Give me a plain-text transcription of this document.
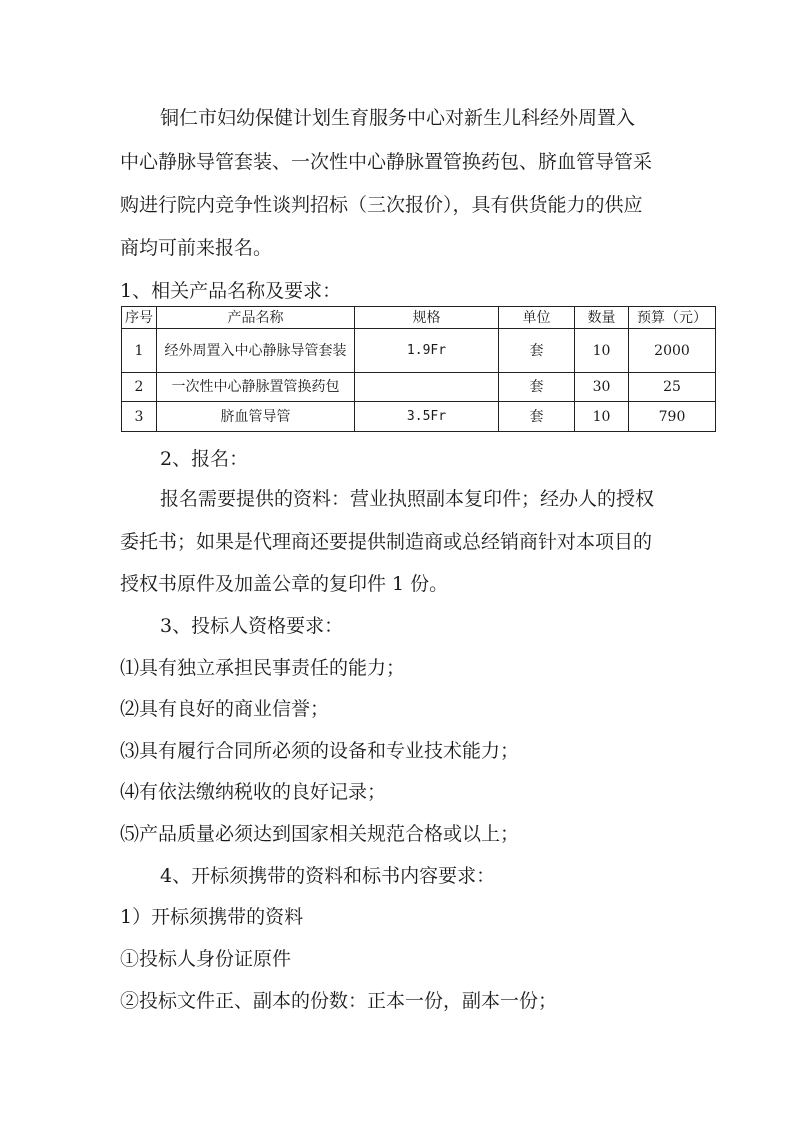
铜仁市妇幼保健计划生育服务中心对新生儿科经外周置入
中心静脉导管套装、一次性中心静脉置管换药包、脐血管导管采
购进行院内竞争性谈判招标（三次报价），具有供货能力的供应
商均可前来报名。
1、相关产品名称及要求：
序号	产品名称	规格	单位	数量	预算（元）
1	经外周置入中心静脉导管套装	1.9Fr	套	10	2000
2	一次性中心静脉置管换药包		套	30	25
3	脐血管导管	3.5Fr	套	10	790
2、报名：
报名需要提供的资料：营业执照副本复印件；经办人的授权
委托书；如果是代理商还要提供制造商或总经销商针对本项目的
授权书原件及加盖公章的复印件 1 份。
3、投标人资格要求：
⑴具有独立承担民事责任的能力；
⑵具有良好的商业信誉；
⑶具有履行合同所必须的设备和专业技术能力；
⑷有依法缴纳税收的良好记录；
⑸产品质量必须达到国家相关规范合格或以上；
4、开标须携带的资料和标书内容要求：
1）开标须携带的资料
①投标人身份证原件
②投标文件正、副本的份数：正本一份，副本一份；
